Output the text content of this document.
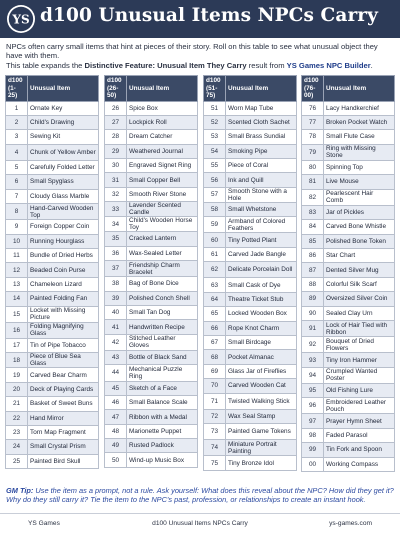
YS d100 Unusual Items NPCs Carry
NPCs often carry small items that hint at pieces of their story. Roll on this table to see what unusual object they have with them.
This table expands the Distinctive Feature: Unusual Item They Carry result from YS Games NPC Builder.
d100 (1-25)	Unusual Item
1	Ornate Key
2	Child's Drawing
3	Sewing Kit
4	Chunk of Yellow Amber
5	Carefully Folded Letter
6	Small Spyglass
7	Cloudy Glass Marble
8	Hand-Carved Wooden Top
9	Foreign Copper Coin
10	Running Hourglass
11	Bundle of Dried Herbs
12	Beaded Coin Purse
13	Chameleon Lizard
14	Painted Folding Fan
15	Locket with Missing Picture
16	Folding Magnifying Glass
17	Tin of Pipe Tobacco
18	Piece of Blue Sea Glass
19	Carved Bear Charm
20	Deck of Playing Cards
21	Basket of Sweet Buns
22	Hand Mirror
23	Torn Map Fragment
24	Small Crystal Prism
25	Painted Bird Skull
d100 (26-50)	Unusual Item
26	Spice Box
27	Lockpick Roll
28	Dream Catcher
29	Weathered Journal
30	Engraved Signet Ring
31	Small Copper Bell
32	Smooth River Stone
33	Lavender Scented Candle
34	Child's Wooden Horse Toy
35	Cracked Lantern
36	Wax-Sealed Letter
37	Friendship Charm Bracelet
38	Bag of Bone Dice
39	Polished Conch Shell
40	Small Tan Dog
41	Handwritten Recipe
42	Stitched Leather Gloves
43	Bottle of Black Sand
44	Mechanical Puzzle Ring
45	Sketch of a Face
46	Small Balance Scale
47	Ribbon with a Medal
48	Marionette Puppet
49	Rusted Padlock
50	Wind-up Music Box
d100 (51-75)	Unusual Item
51	Worn Map Tube
52	Scented Cloth Sachet
53	Small Brass Sundial
54	Smoking Pipe
55	Piece of Coral
56	Ink and Quill
57	Smooth Stone with a Hole
58	Small Whetstone
59	Armband of Colored Feathers
60	Tiny Potted Plant
61	Carved Jade Bangle
62	Delicate Porcelain Doll
63	Small Cask of Dye
64	Theatre Ticket Stub
65	Locked Wooden Box
66	Rope Knot Charm
67	Small Birdcage
68	Pocket Almanac
69	Glass Jar of Fireflies
70	Carved Wooden Cat
71	Twisted Walking Stick
72	Wax Seal Stamp
73	Painted Game Tokens
74	Miniature Portrait Painting
75	Tiny Bronze Idol
d100 (76-00)	Unusual Item
76	Lacy Handkerchief
77	Broken Pocket Watch
78	Small Flute Case
79	Ring with Missing Stone
80	Spinning Top
81	Live Mouse
82	Pearlescent Hair Comb
83	Jar of Pickles
84	Carved Bone Whistle
85	Polished Bone Token
86	Star Chart
87	Dented Silver Mug
88	Colorful Silk Scarf
89	Oversized Silver Coin
90	Sealed Clay Urn
91	Lock of Hair Tied with Ribbon
92	Bouquet of Dried Flowers
93	Tiny Iron Hammer
94	Crumpled Wanted Poster
95	Old Fishing Lure
96	Embroidered Leather Pouch
97	Prayer Hymn Sheet
98	Faded Parasol
99	Tin Fork and Spoon
00	Working Compass
GM Tip: Use the item as a prompt, not a rule. Ask yourself: What does this reveal about the NPC? How did they get it? Why do they still carry it? Tie the item to the NPC's past, profession, or relationships to create an instant hook.
YS Games	d100 Unusual Items NPCs Carry	ys-games.com
